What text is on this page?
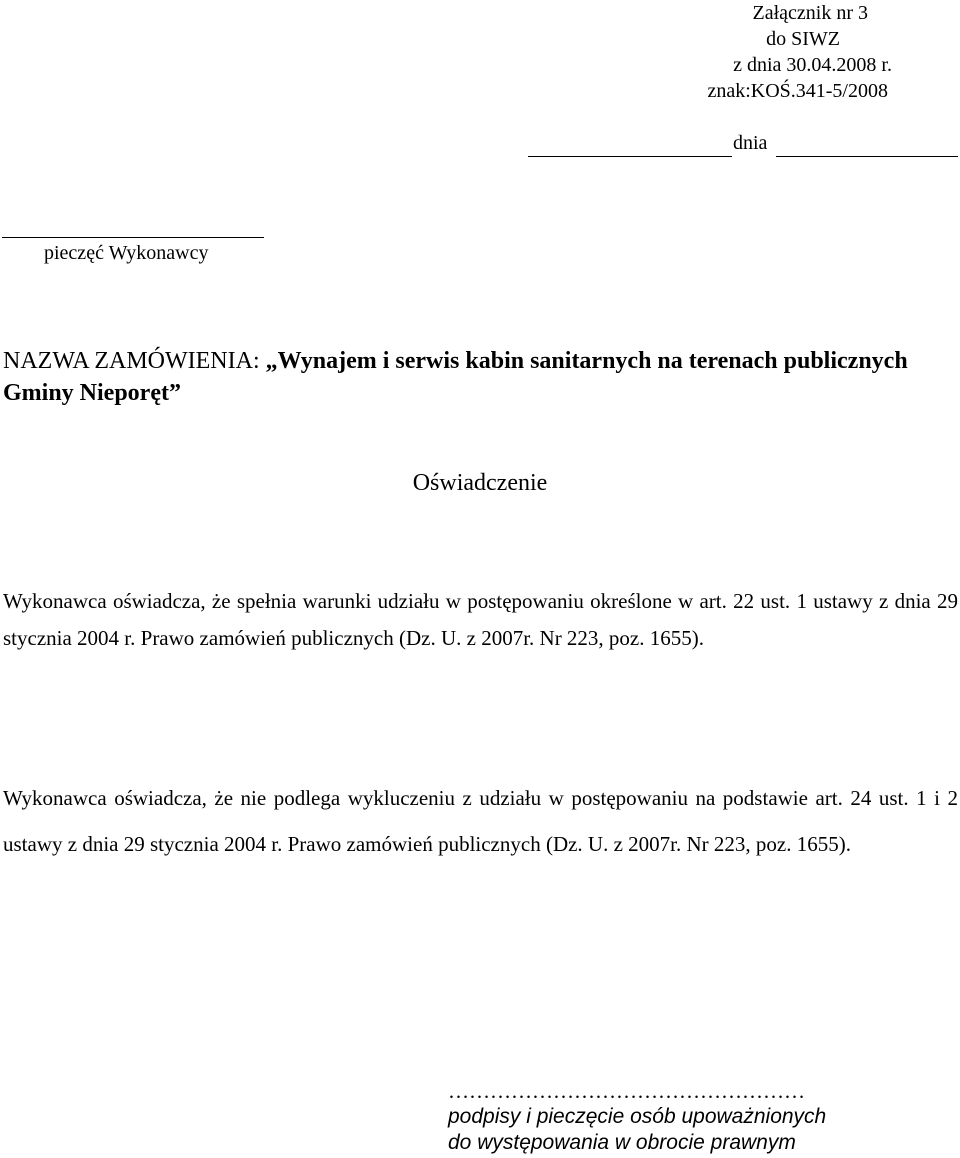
Załącznik nr 3
do SIWZ
z dnia 30.04.2008 r.
znak:KOŚ.341-5/2008
dnia
pieczęć Wykonawcy
NAZWA ZAMÓWIENIA: „Wynajem i serwis kabin sanitarnych na terenach publicznych Gminy Nieporęt”
Oświadczenie
Wykonawca oświadcza, że spełnia warunki udziału w postępowaniu określone w art. 22 ust. 1 ustawy z dnia 29 stycznia 2004 r. Prawo zamówień publicznych (Dz. U. z 2007r. Nr 223, poz. 1655).
Wykonawca oświadcza, że nie podlega wykluczeniu z udziału w postępowaniu na podstawie art. 24 ust. 1 i 2 ustawy z dnia 29 stycznia 2004 r. Prawo zamówień publicznych (Dz. U. z 2007r. Nr 223, poz. 1655).
……………………………………………
podpisy i pieczęcie osób upoważnionych
do występowania w obrocie prawnym
